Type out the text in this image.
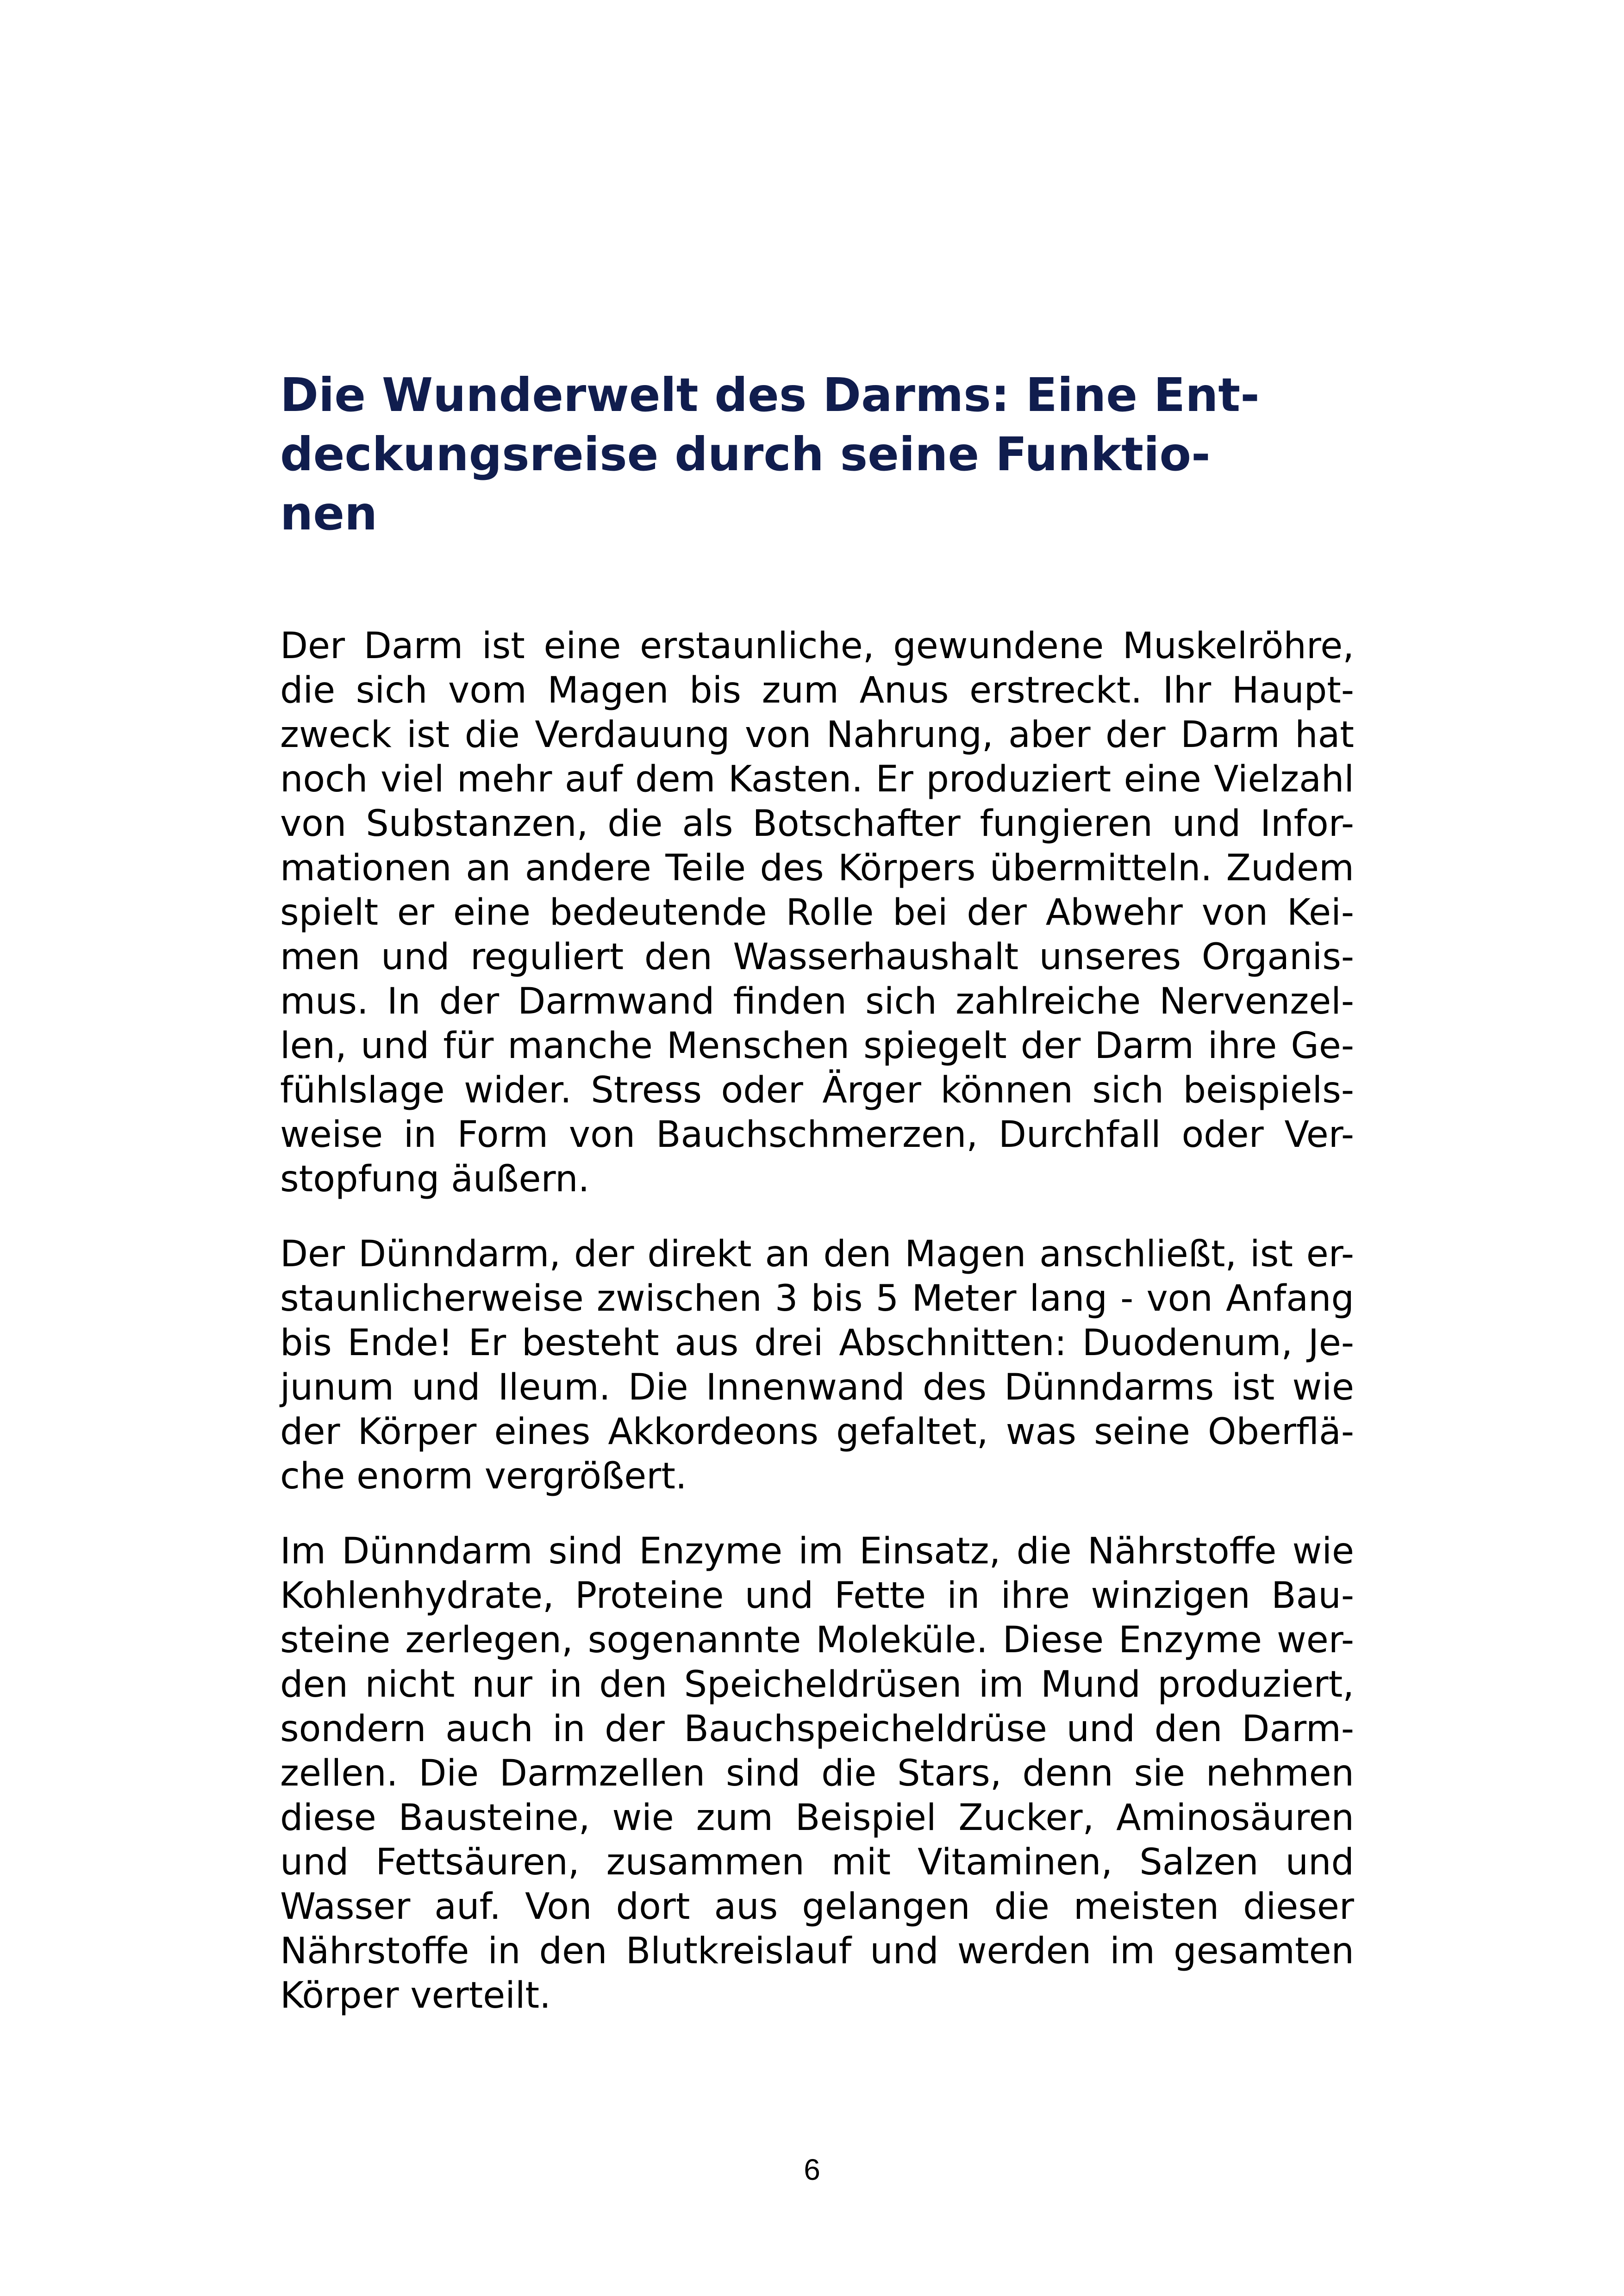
Die Wunderwelt des Darms: Eine Ent-
deckungsreise durch seine Funktio-
nen

Der Darm ist eine erstaunliche, gewundene Muskelröhre,
die sich vom Magen bis zum Anus erstreckt. Ihr Haupt-
zweck ist die Verdauung von Nahrung, aber der Darm hat
noch viel mehr auf dem Kasten. Er produziert eine Vielzahl
von Substanzen, die als Botschafter fungieren und Infor-
mationen an andere Teile des Körpers übermitteln. Zudem
spielt er eine bedeutende Rolle bei der Abwehr von Kei-
men und reguliert den Wasserhaushalt unseres Organis-
mus. In der Darmwand finden sich zahlreiche Nervenzel-
len, und für manche Menschen spiegelt der Darm ihre Ge-
fühlslage wider. Stress oder Ärger können sich beispiels-
weise in Form von Bauchschmerzen, Durchfall oder Ver-
stopfung äußern.

Der Dünndarm, der direkt an den Magen anschließt, ist er-
staunlicherweise zwischen 3 bis 5 Meter lang - von Anfang
bis Ende! Er besteht aus drei Abschnitten: Duodenum, Je-
junum und Ileum. Die Innenwand des Dünndarms ist wie
der Körper eines Akkordeons gefaltet, was seine Oberflä-
che enorm vergrößert.

Im Dünndarm sind Enzyme im Einsatz, die Nährstoffe wie
Kohlenhydrate, Proteine und Fette in ihre winzigen Bau-
steine zerlegen, sogenannte Moleküle. Diese Enzyme wer-
den nicht nur in den Speicheldrüsen im Mund produziert,
sondern auch in der Bauchspeicheldrüse und den Darm-
zellen. Die Darmzellen sind die Stars, denn sie nehmen
diese Bausteine, wie zum Beispiel Zucker, Aminosäuren
und Fettsäuren, zusammen mit Vitaminen, Salzen und
Wasser auf. Von dort aus gelangen die meisten dieser
Nährstoffe in den Blutkreislauf und werden im gesamten
Körper verteilt.

6
